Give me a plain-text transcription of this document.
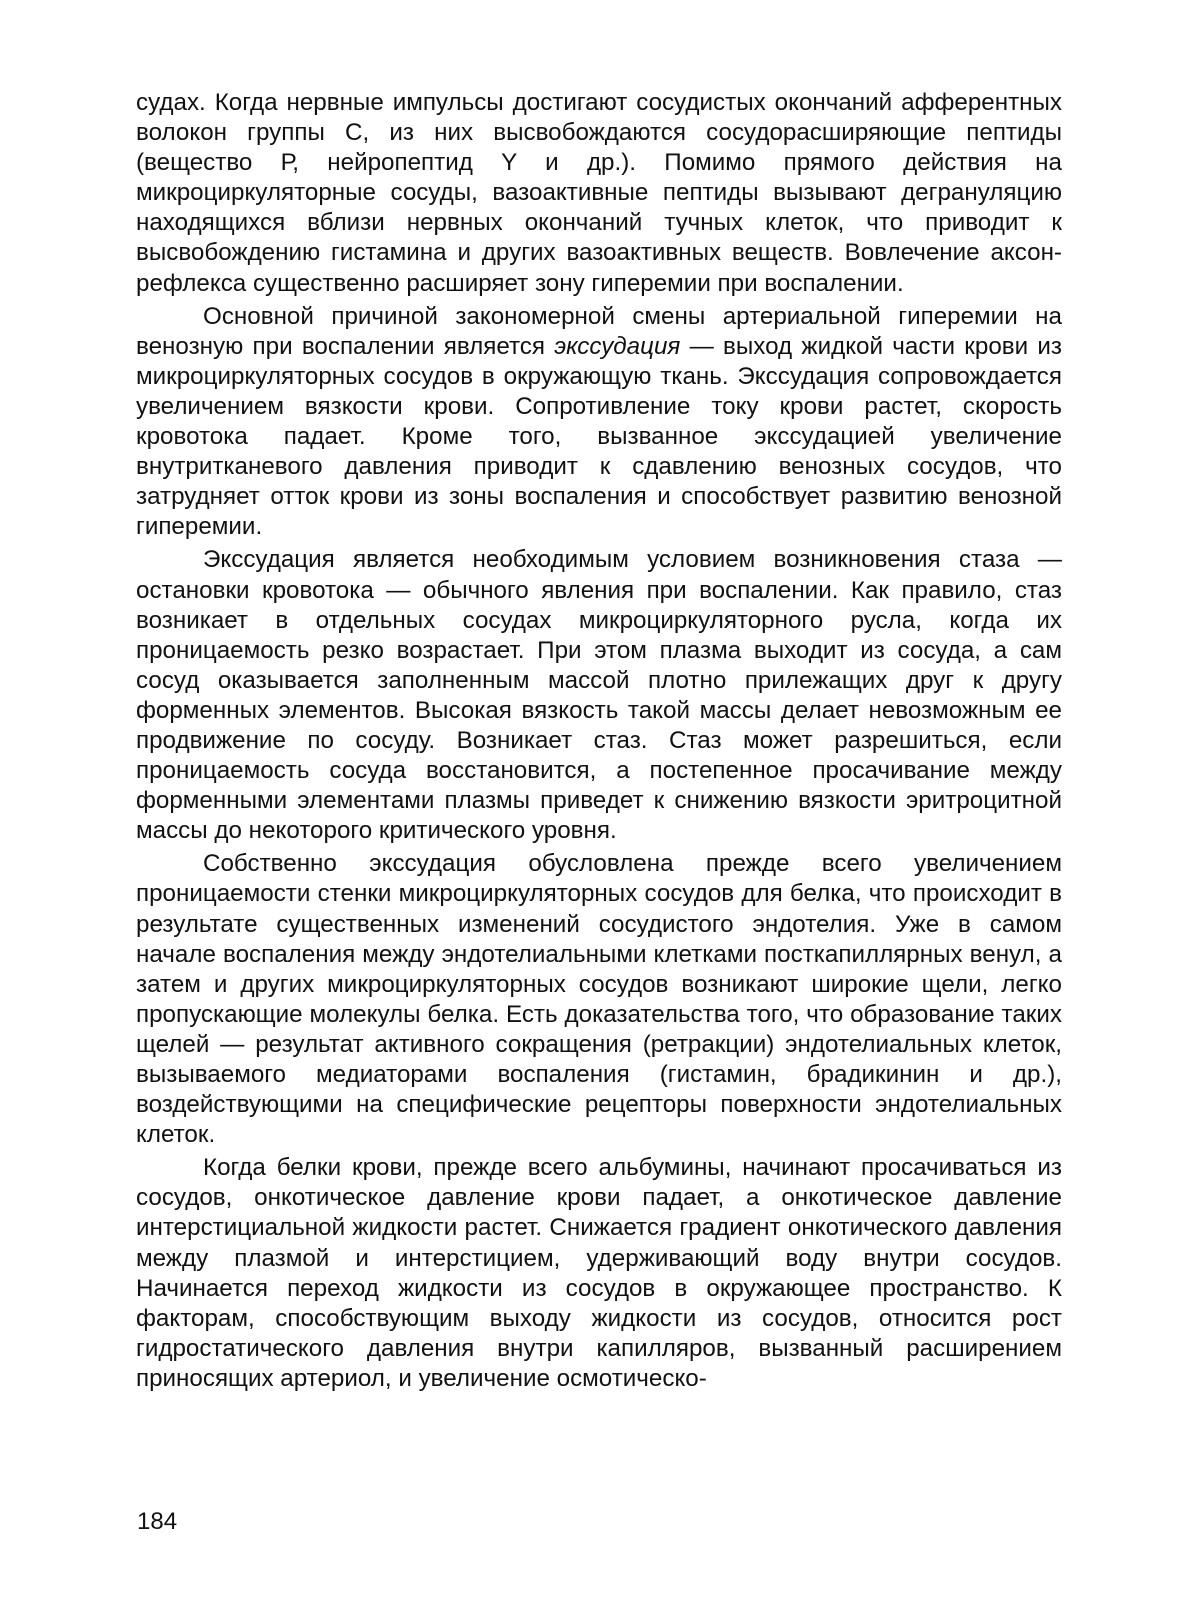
судах. Когда нервные импульсы достигают сосудистых окончаний афферентных волокон группы С, из них высвобождаются сосудорасширяющие пептиды (вещество Р, нейропептид Y и др.). Помимо прямого действия на микроциркуляторные сосуды, вазоактивные пептиды вызывают дегрануляцию находящихся вблизи нервных окончаний тучных клеток, что приводит к высвобождению гистамина и других вазоактивных веществ. Вовлечение аксон-рефлекса существенно расширяет зону гиперемии при воспалении.

Основной причиной закономерной смены артериальной гиперемии на венозную при воспалении является экссудация — выход жидкой части крови из микроциркуляторных сосудов в окружающую ткань. Экссудация сопровождается увеличением вязкости крови. Сопротивление току крови растет, скорость кровотока падает. Кроме того, вызванное экссудацией увеличение внутритканевого давления приводит к сдавлению венозных сосудов, что затрудняет отток крови из зоны воспаления и способствует развитию венозной гиперемии.

Экссудация является необходимым условием возникновения стаза — остановки кровотока — обычного явления при воспалении. Как правило, стаз возникает в отдельных сосудах микроциркуляторного русла, когда их проницаемость резко возрастает. При этом плазма выходит из сосуда, а сам сосуд оказывается заполненным массой плотно прилежащих друг к другу форменных элементов. Высокая вязкость такой массы делает невозможным ее продвижение по сосуду. Возникает стаз. Стаз может разрешиться, если проницаемость сосуда восстановится, а постепенное просачивание между форменными элементами плазмы приведет к снижению вязкости эритроцитной массы до некоторого критического уровня.

Собственно экссудация обусловлена прежде всего увеличением проницаемости стенки микроциркуляторных сосудов для белка, что происходит в результате существенных изменений сосудистого эндотелия. Уже в самом начале воспаления между эндотелиальными клетками посткапиллярных венул, а затем и других микроциркуляторных сосудов возникают широкие щели, легко пропускающие молекулы белка. Есть доказательства того, что образование таких щелей — результат активного сокращения (ретракции) эндотелиальных клеток, вызываемого медиаторами воспаления (гистамин, брадикинин и др.), воздействующими на специфические рецепторы поверхности эндотелиальных клеток.

Когда белки крови, прежде всего альбумины, начинают просачиваться из сосудов, онкотическое давление крови падает, а онкотическое давление интерстициальной жидкости растет. Снижается градиент онкотического давления между плазмой и интерстицием, удерживающий воду внутри сосудов. Начинается переход жидкости из сосудов в окружающее пространство. К факторам, способствующим выходу жидкости из сосудов, относится рост гидростатического давления внутри капилляров, вызванный расширением приносящих артериол, и увеличение осмотическо-

184
